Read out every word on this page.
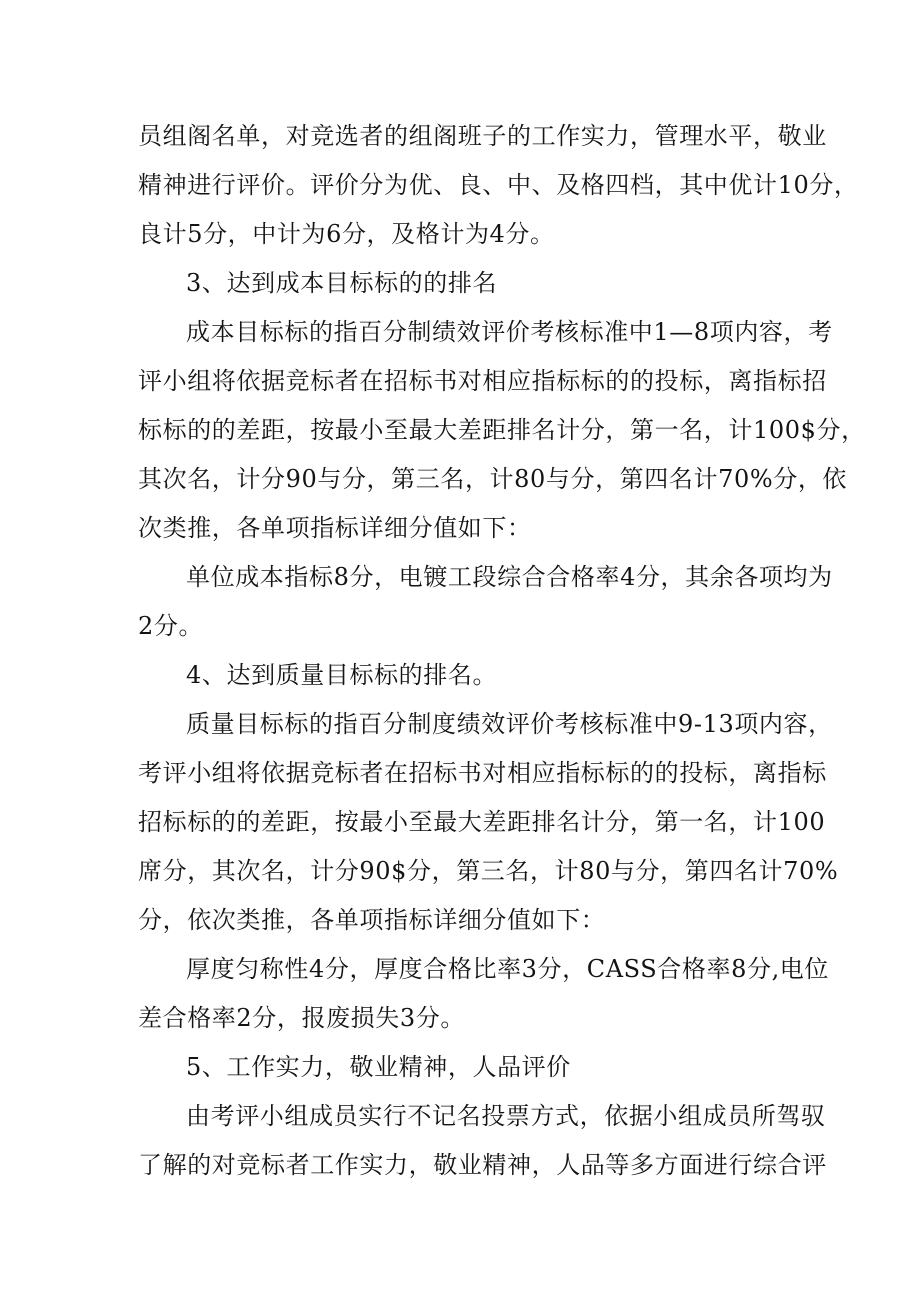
员组阁名单，对竞选者的组阁班子的工作实力，管理水平，敬业
精神进行评价。评价分为优、良、中、及格四档，其中优计10分，
良计5分，中计为6分，及格计为4分。
3、达到成本目标标的的排名
成本目标标的指百分制绩效评价考核标准中1—8项内容，考
评小组将依据竞标者在招标书对相应指标标的的投标，离指标招
标标的的差距，按最小至最大差距排名计分，第一名，计100$分，
其次名，计分90与分，第三名，计80与分，第四名计70%分，依
次类推，各单项指标详细分值如下：
单位成本指标8分，电镀工段综合合格率4分，其余各项均为
2分。
4、达到质量目标标的排名。
质量目标标的指百分制度绩效评价考核标准中9-13项内容，
考评小组将依据竞标者在招标书对相应指标标的的投标，离指标
招标标的的差距，按最小至最大差距排名计分，第一名，计100
席分，其次名，计分90$分，第三名，计80与分，第四名计70%
分，依次类推，各单项指标详细分值如下：
厚度匀称性4分，厚度合格比率3分，CASS合格率8分,电位
差合格率2分，报废损失3分。
5、工作实力，敬业精神，人品评价
由考评小组成员实行不记名投票方式，依据小组成员所驾驭
了解的对竞标者工作实力，敬业精神，人品等多方面进行综合评
